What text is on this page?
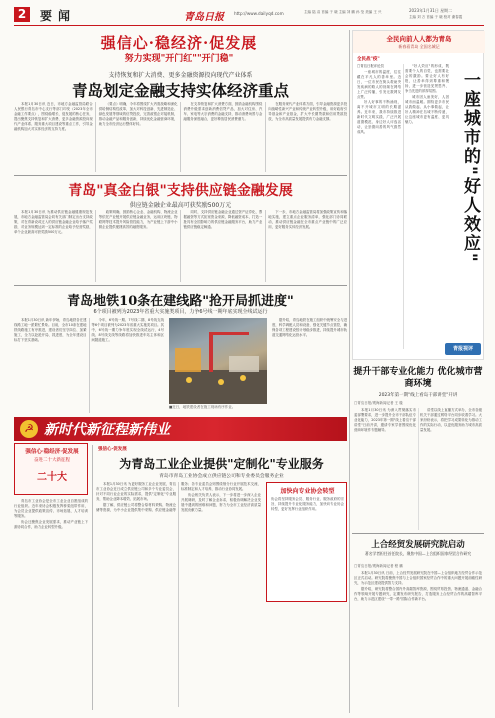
2	要闻	青岛日报 http://www.dailyqd.com	主编 陆 双 首编 于 晓 主编 刘 鹏 孙 莹 美编 王 兴	2023年1月31日 星期二
主编 刘 万 首编 于 晓 校对 谢春霞
强信心·稳经济·促发展
努力实现"开门红""开门稳"
支持恢复和扩大消费、更多金融资源投向现代产业体系
青岛划定金融支持实体经济重点

本报1月30日讯 近日，市地方金融监管局联合人民银行青岛市中心支行等部门印发《2023年全市金融工作要点》，围绕稳增长、促发展的核心任务，提出聚焦支持恢复和扩大消费、更多金融资源投向现代产业体系、服务重大项目建设等重点工作，引导金融机构加大对实体经济的支持力度。

《要点》明确，今年将围绕扩大内需战略和深化供给侧结构性改革，加大对科技创新、先进制造业、绿色发展等领域的信贷投放，完善政银企对接机制，推动金融产品和服务创新，持续优化金融营商环境，助力全市经济运行整体好转。

在支持恢复和扩大消费方面，鼓励金融机构围绕消费升级需求创新消费信贷产品，加大对住房、汽车、家电等大宗消费的金融支持，推动消费场景与金融服务深度融合，更好释放居民消费潜力。

在服务现代产业体系方面，引导金融资源更多投向战略性新兴产业和传统产业转型升级，用好政府引导基金和产业基金，扩大中长期贷款和信用贷款投放，为全市高质量发展提供有力金融支撑。

青岛"真金白银"支持供应链金融发展
供应链金融企业最高可获奖励500万元

本报1月30日讯 为推动供应链金融健康规范发展，市地方金融监管局会同有关部门制定出台支持政策，对在青新设或迁入的供应链金融企业给予落户奖励，对业务规模达到一定标准的企业给予经营奖励，单个企业最高可获奖励500万元。

政策明确，鼓励核心企业、金融机构、物流企业等依托产业链开展供应链金融业务，运用区块链、物联网等技术提升风险管控能力，为产业链上下游中小微企业提供便捷高效的融资服务。

同时，支持供应链金融企业通过资产证券化、票据融资等方式拓宽资金来源，降低融资成本，打造一批具有全国影响力的供应链金融服务平台，助力产业链供应链稳定畅通。

下一步，市地方金融监管局将加强政策宣传和落地实施，建立重点企业服务清单，强化部门协同联动，推动供应链金融在全市重点产业链中的广泛应用，更好服务实体经济发展。

青岛地铁10条在建线路"抢开局抓进度"
6个项目被列为2023年省重大实施类项目，力争6号线一期年底实现全线试运行

本报1月30日讯 新年伊始，青岛地铁各在建线路工地一派繁忙景象。目前，全市10条在建地铁线路施工有序推进，建设者们坚守岗位、加紧施工，全力以赴抢开局、抓进度，为全年建设目标打下坚实基础。

今年，6号线一期、7号线二期、8号线支线等6个项目被列为2023年省重大实施类项目。其中，6号线一期力争年底实现全线试运行，4号线、8号线支线等线路将加快推进车站主体和区间隧道施工。

■近日，地铁建设者在施工现场有序作业。

据介绍，青岛地铁在施工组织中统筹安全与进度，科学调配人员和设备，强化关键节点管控，确保各项工程建设按计划稳步推进，持续提升城市轨道交通网络化运营水平。

☭ 新时代新征程新伟业
强信心·稳经济·促发展
奋进二十大新征程
二十大

青岛市工业协会是全市工业企业自愿组成的行业组织。近年来协会积极发挥桥梁纽带作用，为会员企业提供政策宣传、市场拓展、人才培训等服务。

协会还聚焦企业发展需求，推动产业链上下游协同合作，助力企业转型升级。

强信心·促发展
为青岛工业企业提供"定制化"专业服务
青岛市青岛工业协会成立供应链公司和专业委员会服务企业

本报1月30日讯 为更好服务工业企业发展，青岛市工业协会近日成立供应链公司和多个专业委员会，针对不同行业企业的实际需求，提供"定制化"专业服务，帮助企业降本增效、拓展市场。

据了解，供应链公司将整合原材料采购、物流仓储等资源，为中小企业提供集中采购、供应链金融等服务；各专业委员会则围绕细分行业开展技术交流、标准制定和人才培养，推动行业协同发展。

协会相关负责人表示，下一步将进一步深入企业开展调研，及时了解企业诉求，积极协调解决企业发展中遇到的困难和问题，努力为全市工业经济高质量发展贡献力量。

加快向专业协会转型
协会将坚持服务会员、服务行业、服务政府的宗旨，持续提升专业化服务能力，加快向专业协会转型，更好发挥行业组织作用。
全民向前人人都为青岛
新春看青岛 全国名城记
全民战"疫"

□青岛日报评论员

一座城市的温度，往往藏在平凡人的善举里。近日，一位市民在街头救助突发疾病的路人的视频在网络上广泛传播，引发无数网友点赞。

好人好事的不断涌现，离不开城市文明的长期滋养。近年来，我市持续推进新时代文明实践，广泛开展道德模范、身边好人评选活动，让崇德向善的风气蔚然成风。

"好人效应"的形成，既需要个人的自觉，也需要社会的激励。要让好人有好报，让善举得到尊重和褒扬，进一步营造见贤思齐、争当先进的浓厚氛围。

城市因人而美好，人因城市而温暖。期待更多市民从我做起、从小事做起，让好人精神在岛城不断传递，让这座城市更有温度、更具魅力。	一座城市的"好人效应"
青报视评
提升干部专业化能力 优化城市营商环境
2023年第一期"线上看岛干部讲堂"开讲
□青岛日报/观海新闻记者 王 璇

本报1月30日讯 为深入贯彻落实市委部署要求，进一步提升全市干部队伍专业化能力，2023年第一期"线上看岛干部讲堂"日前开讲，邀请专家学者围绕优化营商环境作专题辅导。

讲堂以线上直播方式举办，全市各级机关干部通过网络平台同步收看学习。大家纷纷表示，将把学习成果转化为推动工作的实际行动，以更优服务助力城市高质量发展。

上合经贸发展研究院启动
著名学者担任首任院长，聚焦中国—上合组织国家经贸合作研究
□青岛日报/观海新闻记者 程 鹏

本报1月30日讯 日前，上合经贸发展研究院在中国—上合组织地方经贸合作示范区正式启动。研究院将聚焦中国与上合组织国家经贸合作中的重大问题开展前瞻性研究，为示范区建设提供智力支持。

据介绍，研究院将整合国内外高端智库资源，围绕贸易投资、物流通道、金融合作等领域开展专题研究，定期发布研究报告，打造服务上合经贸合作的高端智库平台，助力示范区建设"一带一路"国际合作新平台。
